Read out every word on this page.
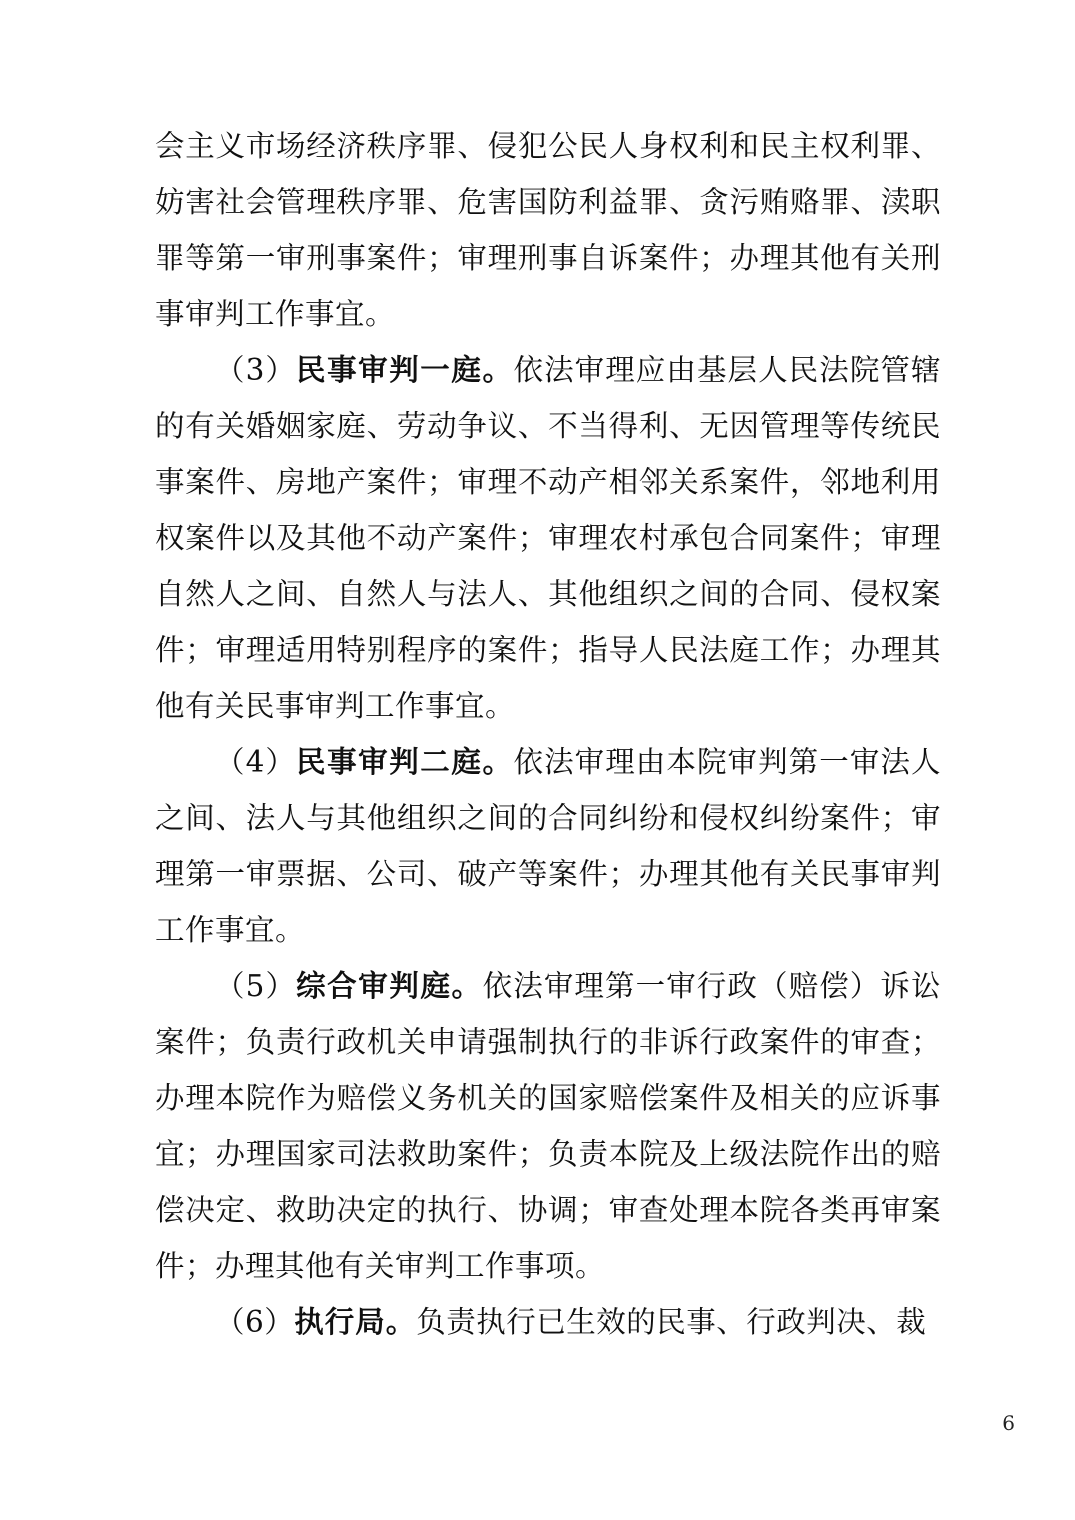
会主义市场经济秩序罪、侵犯公民人身权利和民主权利罪、妨害社会管理秩序罪、危害国防利益罪、贪污贿赂罪、渎职罪等第一审刑事案件；审理刑事自诉案件；办理其他有关刑事审判工作事宜。

（3）民事审判一庭。依法审理应由基层人民法院管辖的有关婚姻家庭、劳动争议、不当得利、无因管理等传统民事案件、房地产案件；审理不动产相邻关系案件，邻地利用权案件以及其他不动产案件；审理农村承包合同案件；审理自然人之间、自然人与法人、其他组织之间的合同、侵权案件；审理适用特别程序的案件；指导人民法庭工作；办理其他有关民事审判工作事宜。

（4）民事审判二庭。依法审理由本院审判第一审法人之间、法人与其他组织之间的合同纠纷和侵权纠纷案件；审理第一审票据、公司、破产等案件；办理其他有关民事审判工作事宜。

（5）综合审判庭。依法审理第一审行政（赔偿）诉讼案件；负责行政机关申请强制执行的非诉行政案件的审查；办理本院作为赔偿义务机关的国家赔偿案件及相关的应诉事宜；办理国家司法救助案件；负责本院及上级法院作出的赔偿决定、救助决定的执行、协调；审查处理本院各类再审案件；办理其他有关审判工作事项。

（6）执行局。负责执行已生效的民事、行政判决、裁

6
